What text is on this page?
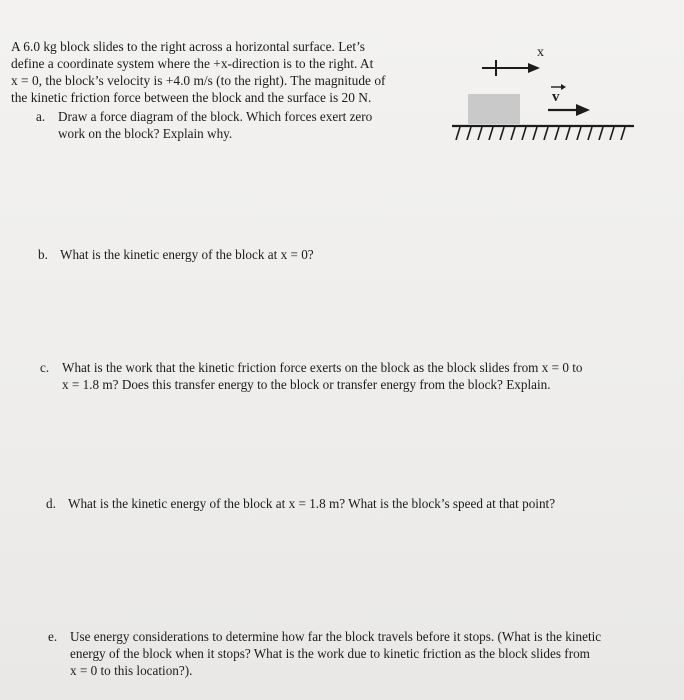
A 6.0 kg block slides to the right across a horizontal surface. Let’s

define a coordinate system where the +x-direction is to the right. At

x = 0, the block’s velocity is +4.0 m/s (to the right). The magnitude of

the kinetic friction force between the block and the surface is 20 N.

x
v
a. Draw a force diagram of the block. Which forces exert zero
work on the block? Explain why.
b. What is the kinetic energy of the block at x = 0?
c. What is the work that the kinetic friction force exerts on the block as the block slides from x = 0 to
x = 1.8 m? Does this transfer energy to the block or transfer energy from the block? Explain.
d. What is the kinetic energy of the block at x = 1.8 m? What is the block’s speed at that point?
e. Use energy considerations to determine how far the block travels before it stops. (What is the kinetic
energy of the block when it stops? What is the work due to kinetic friction as the block slides from
x = 0 to this location?).
